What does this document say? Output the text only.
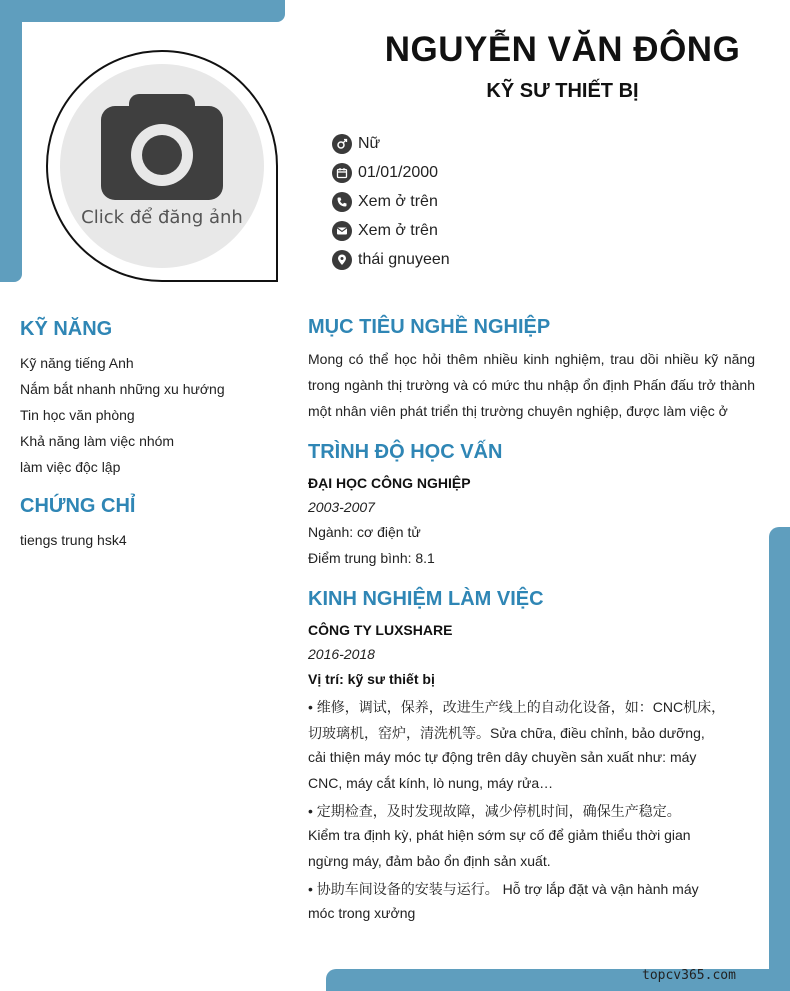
Click để đăng ảnh
NGUYỄN VĂN ĐÔNG
KỸ SƯ THIẾT BỊ
Nữ
01/01/2000
Xem ở trên
Xem ở trên
thái gnuyeen
KỸ NĂNG
Kỹ năng tiếng Anh
Nắm bắt nhanh những xu hướng
Tin học văn phòng
Khả năng làm việc nhóm
làm việc độc lập
CHỨNG CHỈ
tiengs trung hsk4
MỤC TIÊU NGHỀ NGHIỆP

Mong có thể học hỏi thêm nhiều kinh nghiệm, trau dồi nhiều kỹ năng trong ngành thị trường và có mức thu nhập ổn định Phấn đấu trở thành một nhân viên phát triển thị trường chuyên nghiệp, được làm việc ở

TRÌNH ĐỘ HỌC VẤN
ĐẠI HỌC CÔNG NGHIỆP
2003-2007
Ngành: cơ điện tử
Điểm trung bình: 8.1
KINH NGHIỆM LÀM VIỆC
CÔNG TY LUXSHARE
2016-2018
Vị trí: kỹ sư thiết bị
• 维修，调试，保养，改进生产线上的自动化设备，如：CNC机床，
切玻璃机，窑炉，清洗机等。Sửa chữa, điều chỉnh, bảo dưỡng,
cải thiện máy móc tự động trên dây chuyền sản xuất như: máy
CNC, máy cắt kính, lò nung, máy rửa…
• 定期检查，及时发现故障，减少停机时间，确保生产稳定。
Kiểm tra định kỳ, phát hiện sớm sự cố để giảm thiểu thời gian
ngừng máy, đảm bảo ổn định sản xuất.
• 协助车间设备的安装与运行。 Hỗ trợ lắp đặt và vận hành máy
móc trong xưởng
topcv365.com
